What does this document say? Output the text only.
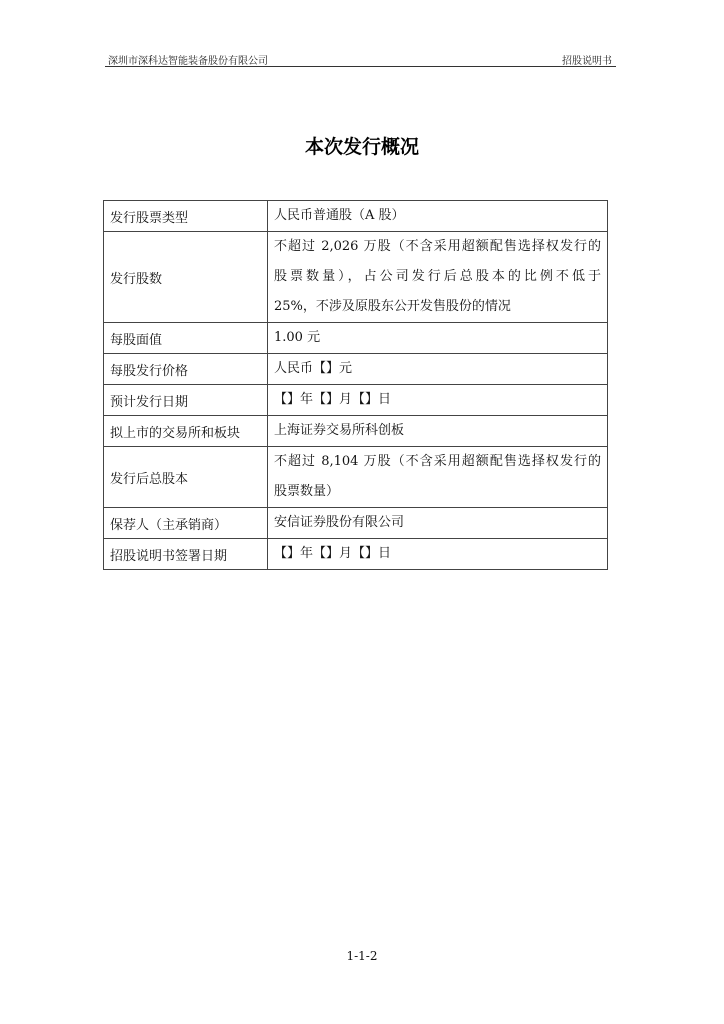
深圳市深科达智能装备股份有限公司	招股说明书
本次发行概况
发行股票类型	人民币普通股（A 股）

发行股数	不超过 2,026 万股（不含采用超额配售选择权发行的
股票数量），占公司发行后总股本的比例不低于
25%，不涉及原股东公开发售股份的情况

每股面值	1.00 元

每股发行价格	人民币【】元

预计发行日期	【】年【】月【】日

拟上市的交易所和板块	上海证券交易所科创板

发行后总股本	不超过 8,104 万股（不含采用超额配售选择权发行的
股票数量）

保荐人（主承销商）	安信证券股份有限公司

招股说明书签署日期	【】年【】月【】日
1-1-2
